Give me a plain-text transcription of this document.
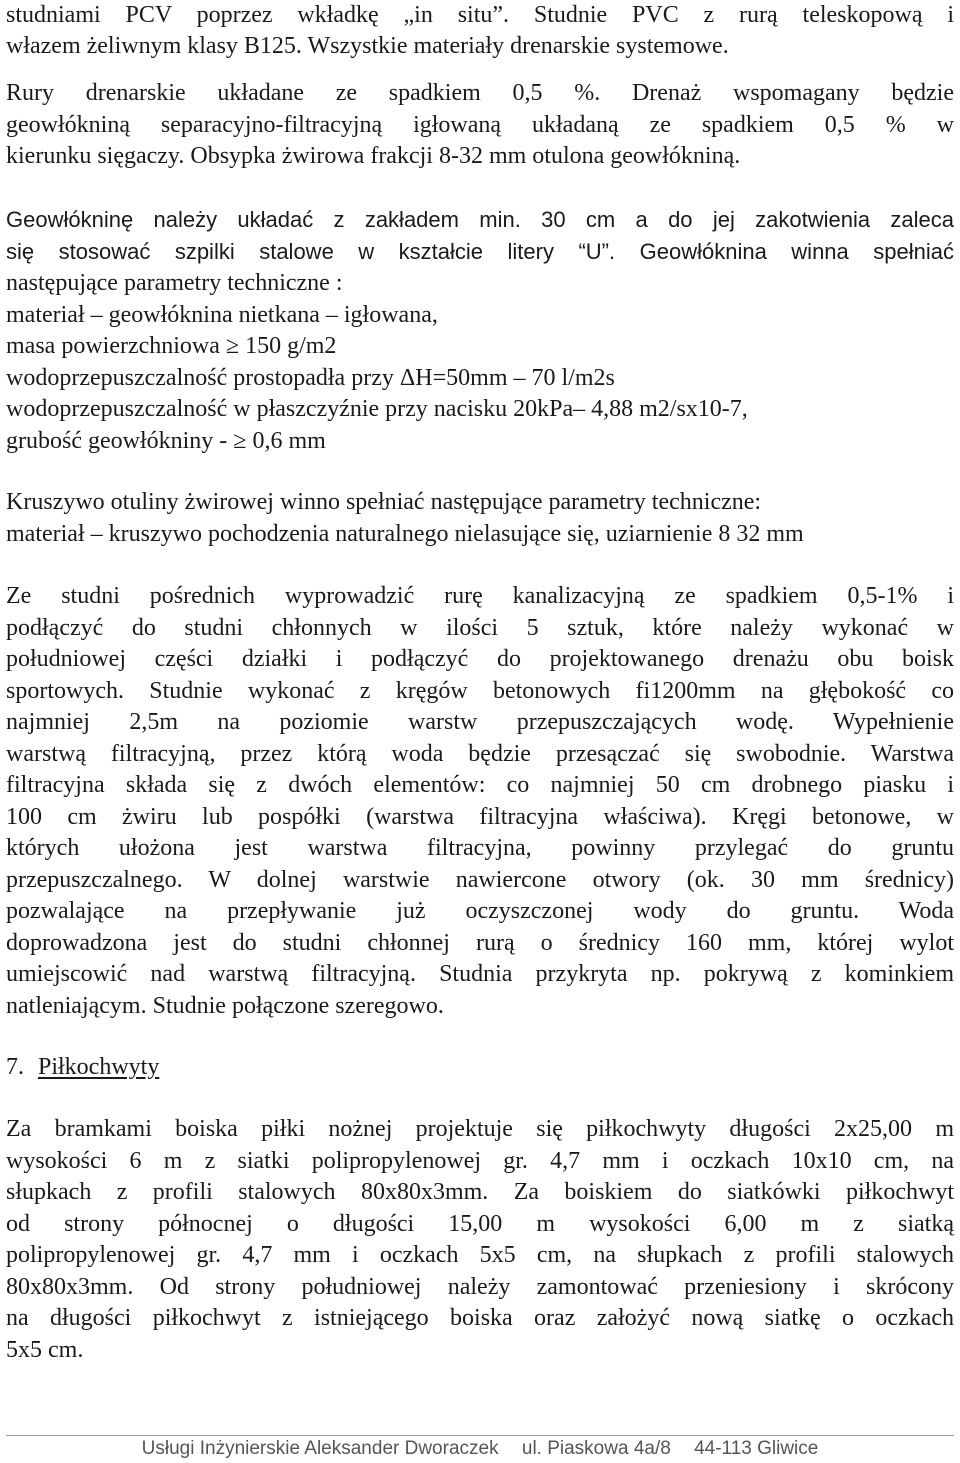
studniami PCV poprzez wkładkę „in situ”. Studnie PVC z rurą teleskopową i
włazem żeliwnym klasy B125. Wszystkie materiały drenarskie systemowe.
Rury drenarskie układane ze spadkiem 0,5 %. Drenaż wspomagany będzie
geowłókniną separacyjno-filtracyjną igłowaną układaną ze spadkiem 0,5 % w
kierunku sięgaczy. Obsypka żwirowa frakcji 8-32 mm otulona geowłókniną.
Geowłókninę należy układać z zakładem min. 30 cm a do jej zakotwienia zaleca
się stosować szpilki stalowe w kształcie litery “U”. Geowłóknina winna spełniać
następujące parametry techniczne :
materiał – geowłóknina nietkana – igłowana,
masa powierzchniowa ≥ 150 g/m2
wodoprzepuszczalność prostopadła przy ΔH=50mm – 70 l/m2s
wodoprzepuszczalność w płaszczyźnie przy nacisku 20kPa– 4,88 m2/sx10-7,
grubość geowłókniny - ≥ 0,6 mm
Kruszywo otuliny żwirowej winno spełniać następujące parametry techniczne:
materiał – kruszywo pochodzenia naturalnego nielasujące się, uziarnienie 8 32 mm
Ze studni pośrednich wyprowadzić rurę kanalizacyjną ze spadkiem 0,5-1% i
podłączyć do studni chłonnych w ilości 5 sztuk, które należy wykonać w
południowej części działki i podłączyć do projektowanego drenażu obu boisk
sportowych. Studnie wykonać z kręgów betonowych fi1200mm na głębokość co
najmniej 2,5m na poziomie warstw przepuszczających wodę. Wypełnienie
warstwą filtracyjną, przez którą woda będzie przesączać się swobodnie. Warstwa
filtracyjna składa się z dwóch elementów: co najmniej 50 cm drobnego piasku i
100 cm żwiru lub pospółki (warstwa filtracyjna właściwa). Kręgi betonowe, w
których ułożona jest warstwa filtracyjna, powinny przylegać do gruntu
przepuszczalnego. W dolnej warstwie nawiercone otwory (ok. 30 mm średnicy)
pozwalające na przepływanie już oczyszczonej wody do gruntu. Woda
doprowadzona jest do studni chłonnej rurą o średnicy 160 mm, której wylot
umiejscowić nad warstwą filtracyjną. Studnia przykryta np. pokrywą z kominkiem
natleniającym. Studnie połączone szeregowo.
7. Piłkochwyty
Za bramkami boiska piłki nożnej projektuje się piłkochwyty długości 2x25,00 m
wysokości 6 m z siatki polipropylenowej gr. 4,7 mm i oczkach 10x10 cm, na
słupkach z profili stalowych 80x80x3mm. Za boiskiem do siatkówki piłkochwyt
od strony północnej o długości 15,00 m wysokości 6,00 m z siatką
polipropylenowej gr. 4,7 mm i oczkach 5x5 cm, na słupkach z profili stalowych
80x80x3mm. Od strony południowej należy zamontować przeniesiony i skrócony
na długości piłkochwyt z istniejącego boiska oraz założyć nową siatkę o oczkach
5x5 cm.
Usługi Inżynierskie Aleksander Dworaczek ul. Piaskowa 4a/8 44-113 Gliwice
